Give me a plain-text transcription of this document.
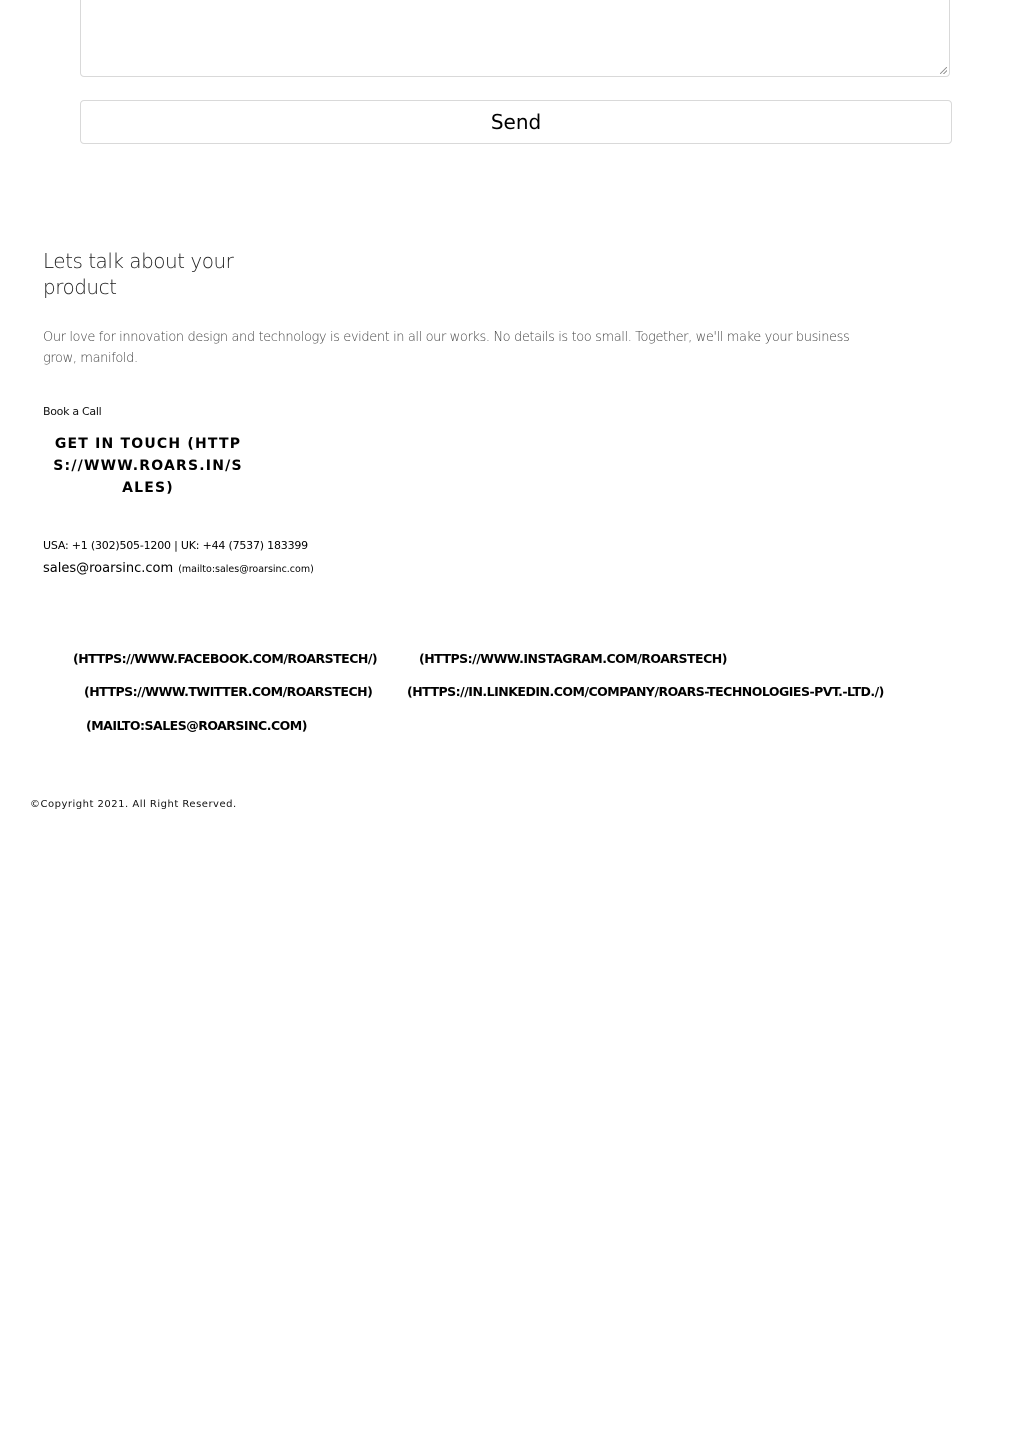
Send
Lets talk about your
product
Our love for innovation design and technology is evident in all our works. No details is too small. Together, we'll make your business grow, manifold.
Book a Call
GET IN TOUCH (HTTPS://WWW.ROARS.IN/SALES)
USA: +1 (302)505-1200 | UK: +44 (7537) 183399
sales@roarsinc.com (mailto:sales@roarsinc.com)
(HTTPS://WWW.FACEBOOK.COM/ROARSTECH/)	(HTTPS://WWW.INSTAGRAM.COM/ROARSTECH)
(HTTPS://WWW.TWITTER.COM/ROARSTECH)	(HTTPS://IN.LINKEDIN.COM/COMPANY/ROARS-TECHNOLOGIES-PVT.-LTD./)
(MAILTO:SALES@ROARSINC.COM)
©Copyright 2021. All Right Reserved.
